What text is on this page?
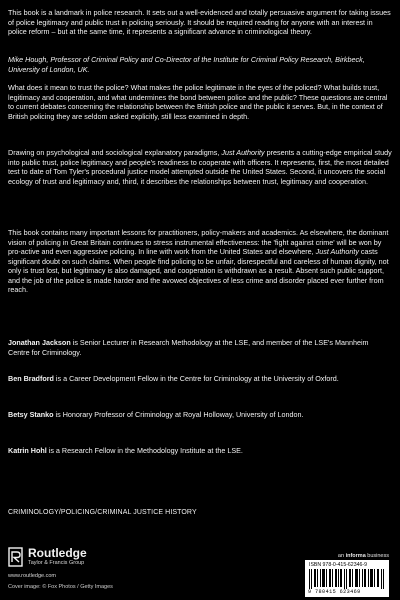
This book is a landmark in police research. It sets out a well-evidenced and totally persuasive argument for taking issues of police legitimacy and public trust in policing seriously. It should be required reading for anyone with an interest in police reform – but at the same time, it represents a significant advance in criminological theory.

Mike Hough, Professor of Criminal Policy and Co-Director of the Institute for Criminal Policy Research, Birkbeck, University of London, UK.

What does it mean to trust the police? What makes the police legitimate in the eyes of the policed? What builds trust, legitimacy and cooperation, and what undermines the bond between police and the public? These questions are central to current debates concerning the relationship between the British police and the public it serves. But, in the context of British policing they are seldom asked explicitly, still less examined in depth.

Drawing on psychological and sociological explanatory paradigms, Just Authority presents a cutting-edge empirical study into public trust, police legitimacy and people's readiness to cooperate with officers. It represents, first, the most detailed test to date of Tom Tyler's procedural justice model attempted outside the United States. Second, it uncovers the social ecology of trust and legitimacy and, third, it describes the relationships between trust, legitimacy and cooperation.

This book contains many important lessons for practitioners, policy-makers and academics. As elsewhere, the dominant vision of policing in Great Britain continues to stress instrumental effectiveness: the 'fight against crime' will be won by pro-active and even aggressive policing. In line with work from the United States and elsewhere, Just Authority casts significant doubt on such claims. When people find policing to be unfair, disrespectful and careless of human dignity, not only is trust lost, but legitimacy is also damaged, and cooperation is withdrawn as a result. Absent such public support, and the job of the police is made harder and the avowed objectives of less crime and disorder placed ever further from reach.

Jonathan Jackson is Senior Lecturer in Research Methodology at the LSE, and member of the LSE's Mannheim Centre for Criminology.

Ben Bradford is a Career Development Fellow in the Centre for Criminology at the University of Oxford.

Betsy Stanko is Honorary Professor of Criminology at Royal Holloway, University of London.

Katrin Hohl is a Research Fellow in the Methodology Institute at the LSE.

CRIMINOLOGY/POLICING/CRIMINAL JUSTICE HISTORY
Routledge
Taylor & Francis Group
www.routledge.com
Cover image: © Fox Photos / Getty Images
an informa business
ISBN 978-0-415-62346-9
9 780415 623469
